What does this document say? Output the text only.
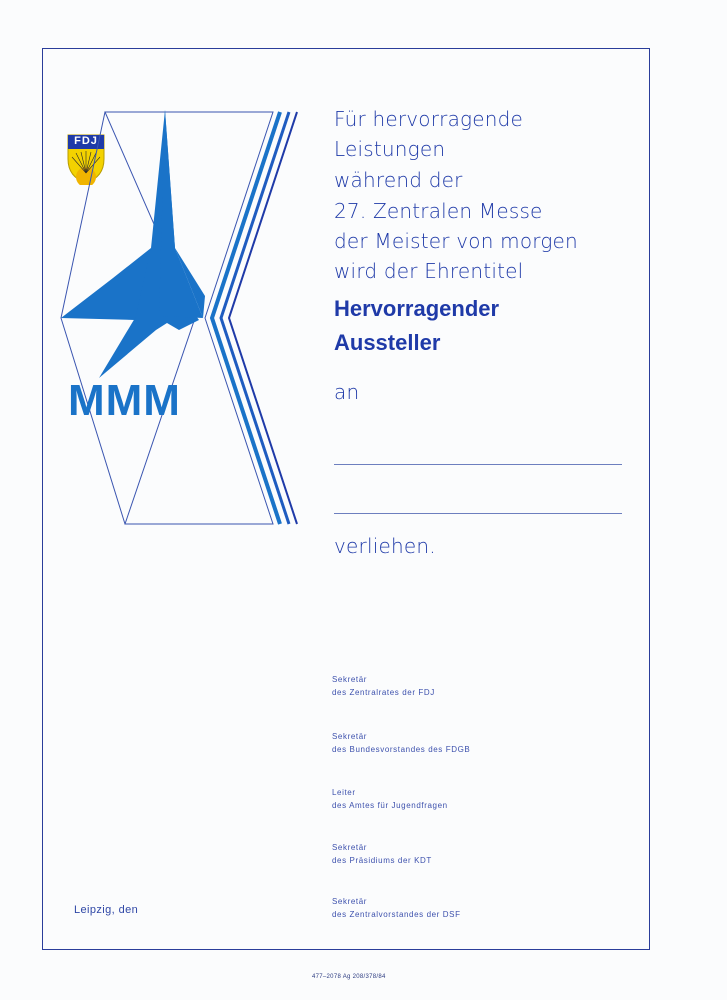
FDJ
MMM
Für hervorragende
Leistungen
während der
27. Zentralen Messe
der Meister von morgen
wird der Ehrentitel
Hervorragender
Aussteller
an
verliehen.
Sekretär
des Zentralrates der FDJ
Sekretär
des Bundesvorstandes des FDGB
Leiter
des Amtes für Jugendfragen
Sekretär
des Präsidiums der KDT
Sekretär
des Zentralvorstandes der DSF
Leipzig, den
477–2078 Ag 208/378/84
